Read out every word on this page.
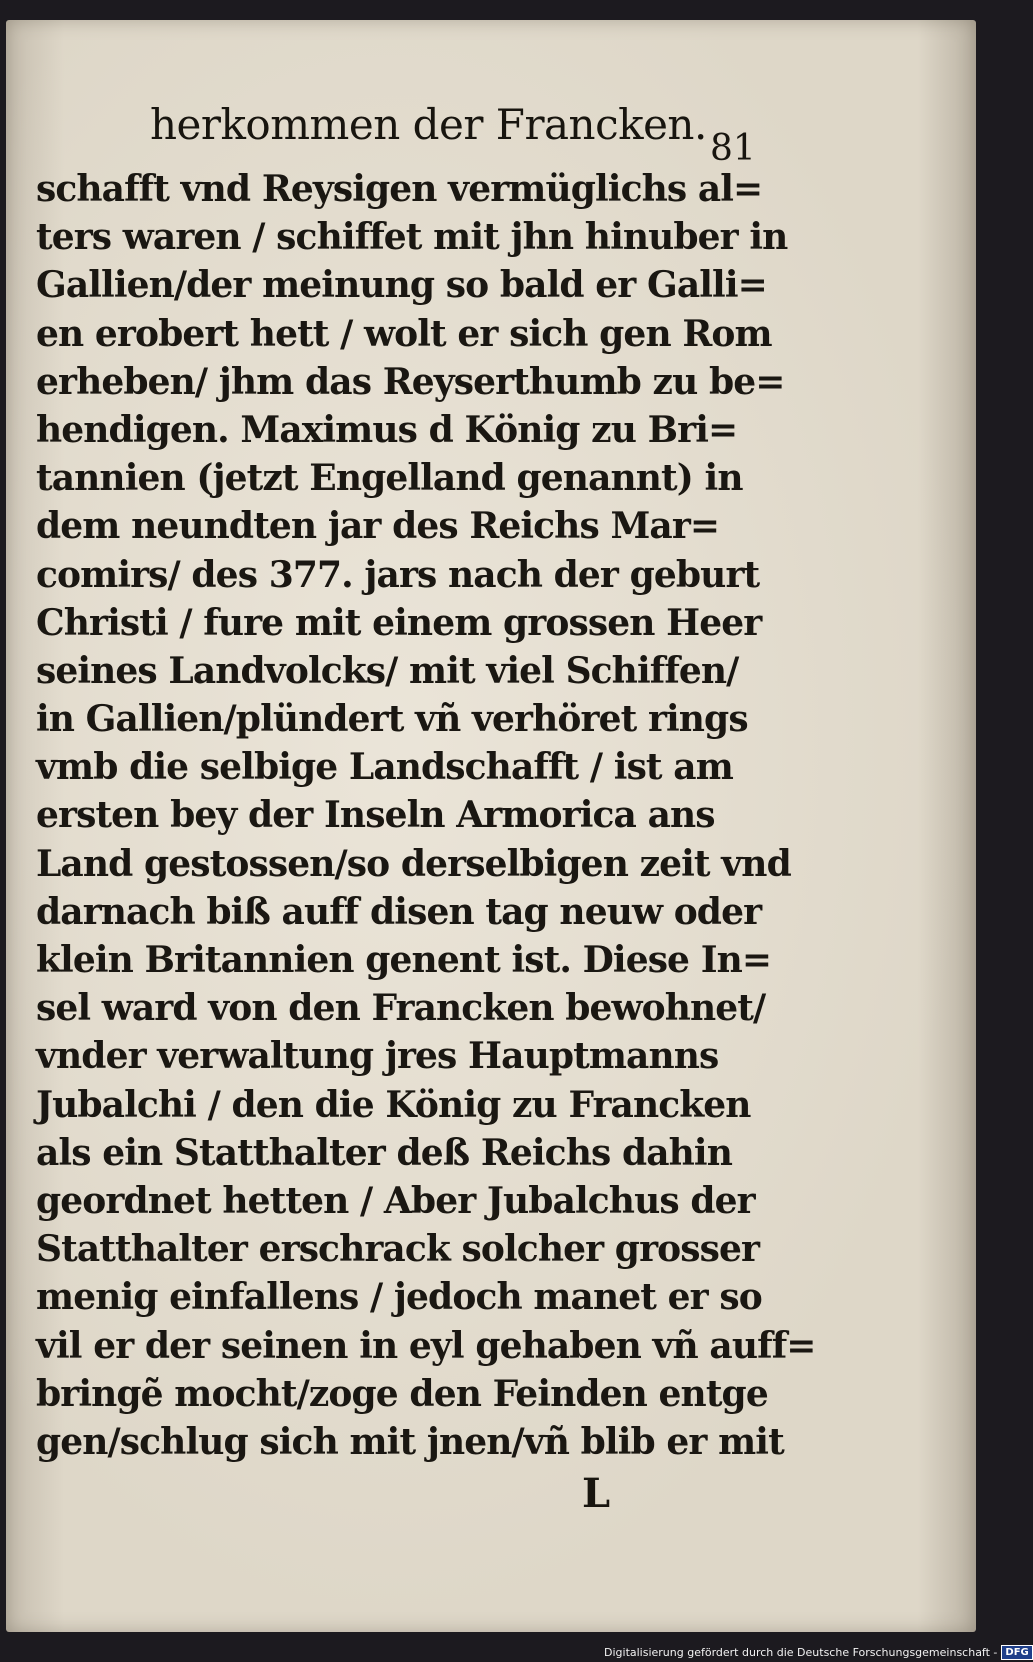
herkommen der Francken. 81
schafft vnd Reysigen vermüglichs al=
ters waren / schiffet mit jhn hinuber in
Gallien/der meinung so bald er Galli=
en erobert hett / wolt er sich gen Rom
erheben/ jhm das Reyserthumb zu be=
hendigen. Maximus d König zu Bri=
tannien (jetzt Engelland genannt) in
dem neundten jar des Reichs Mar=
comirs/ des 377. jars nach der geburt
Christi / fure mit einem grossen Heer
seines Landvolcks/ mit viel Schiffen/
in Gallien/plündert vñ verhöret rings
vmb die selbige Landschafft / ist am
ersten bey der Inseln Armorica ans
Land gestossen/so derselbigen zeit vnd
darnach biß auff disen tag neuw oder
klein Britannien genent ist. Diese In=
sel ward von den Francken bewohnet/
vnder verwaltung jres Hauptmanns
Jubalchi / den die König zu Francken
als ein Statthalter deß Reichs dahin
geordnet hetten / Aber Jubalchus der
Statthalter erschrack solcher grosser
menig einfallens / jedoch manet er so
vil er der seinen in eyl gehaben vñ auff=
bringẽ mocht/zoge den Feinden entge
gen/schlug sich mit jnen/vñ blib er mit
L
Digitalisierung gefördert durch die Deutsche Forschungsgemeinschaft - DFG
